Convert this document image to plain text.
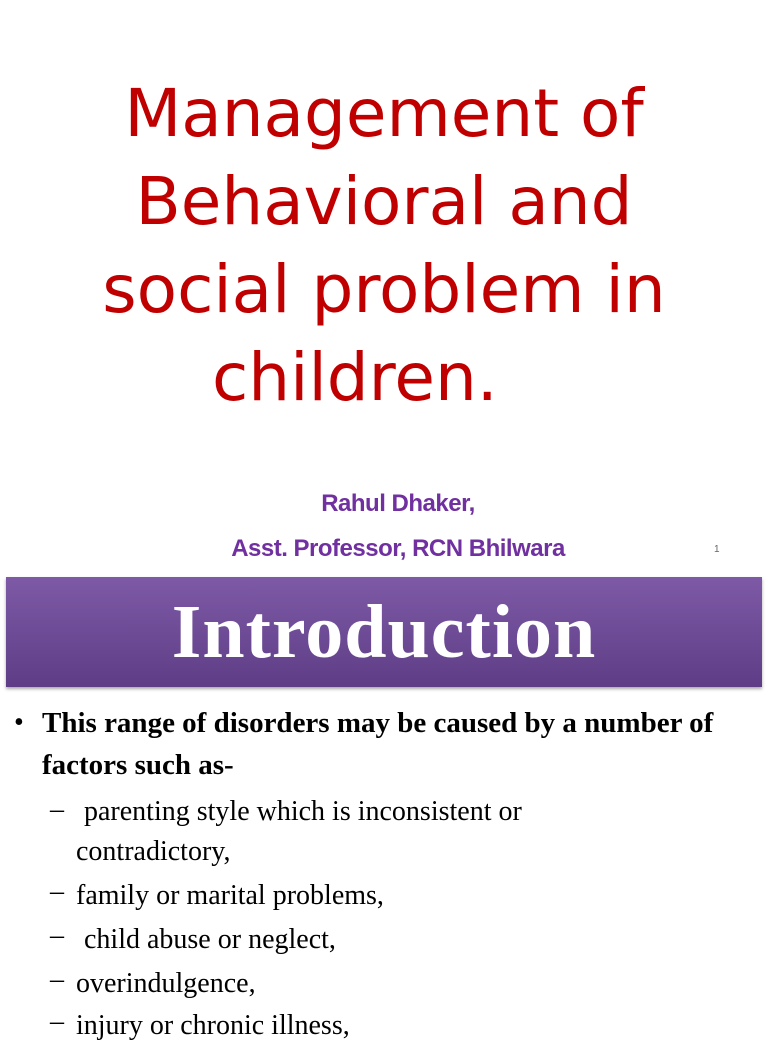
Management of
Behavioral and
social problem in
children.
Rahul Dhaker,
Asst. Professor, RCN Bhilwara	1
Introduction
• This range of disorders may be caused by a number of factors such as-
– parenting style which is inconsistent or
contradictory,
– family or marital problems,
– child abuse or neglect,
– overindulgence,
– injury or chronic illness,
